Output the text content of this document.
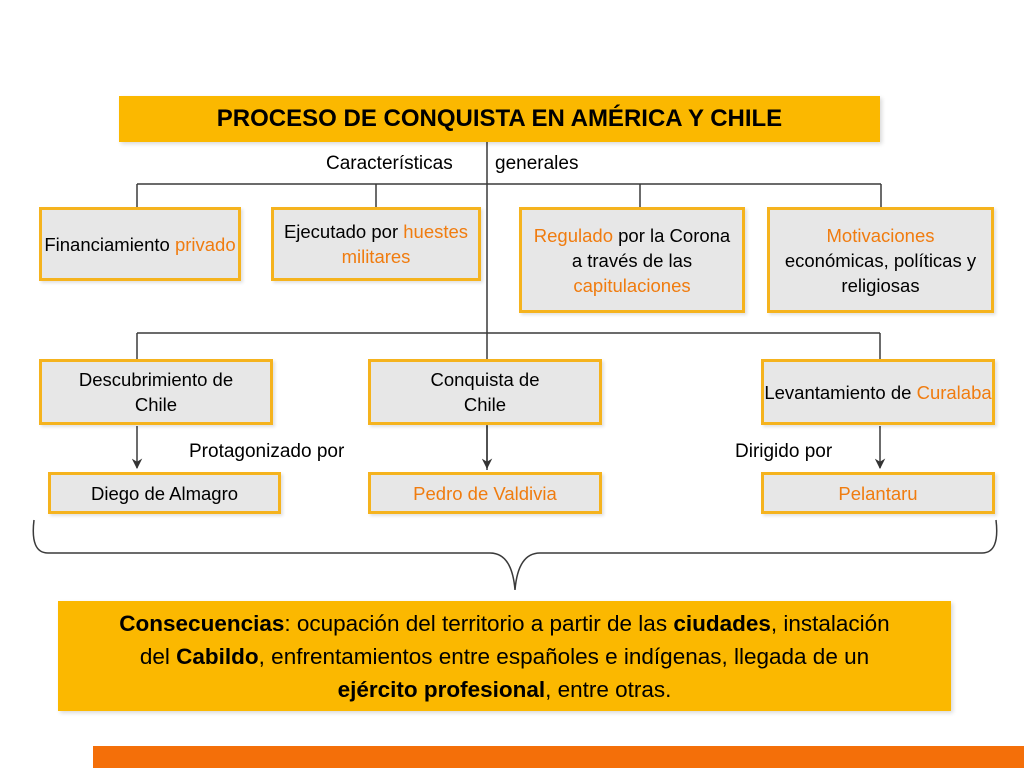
PROCESO DE CONQUISTA EN AMÉRICA Y CHILE
Características generales
Financiamiento privado
Ejecutado por huestes militares
Regulado por la Corona a través de las capitulaciones
Motivaciones económicas, políticas y religiosas
Descubrimiento de Chile
Conquista de Chile
Levantamiento de Curalaba
Protagonizado por	Dirigido por
Diego de Almagro	Pedro de Valdivia	Pelantaru
Consecuencias: ocupación del territorio a partir de las ciudades, instalación del Cabildo, enfrentamientos entre españoles e indígenas, llegada de un ejército profesional, entre otras.
